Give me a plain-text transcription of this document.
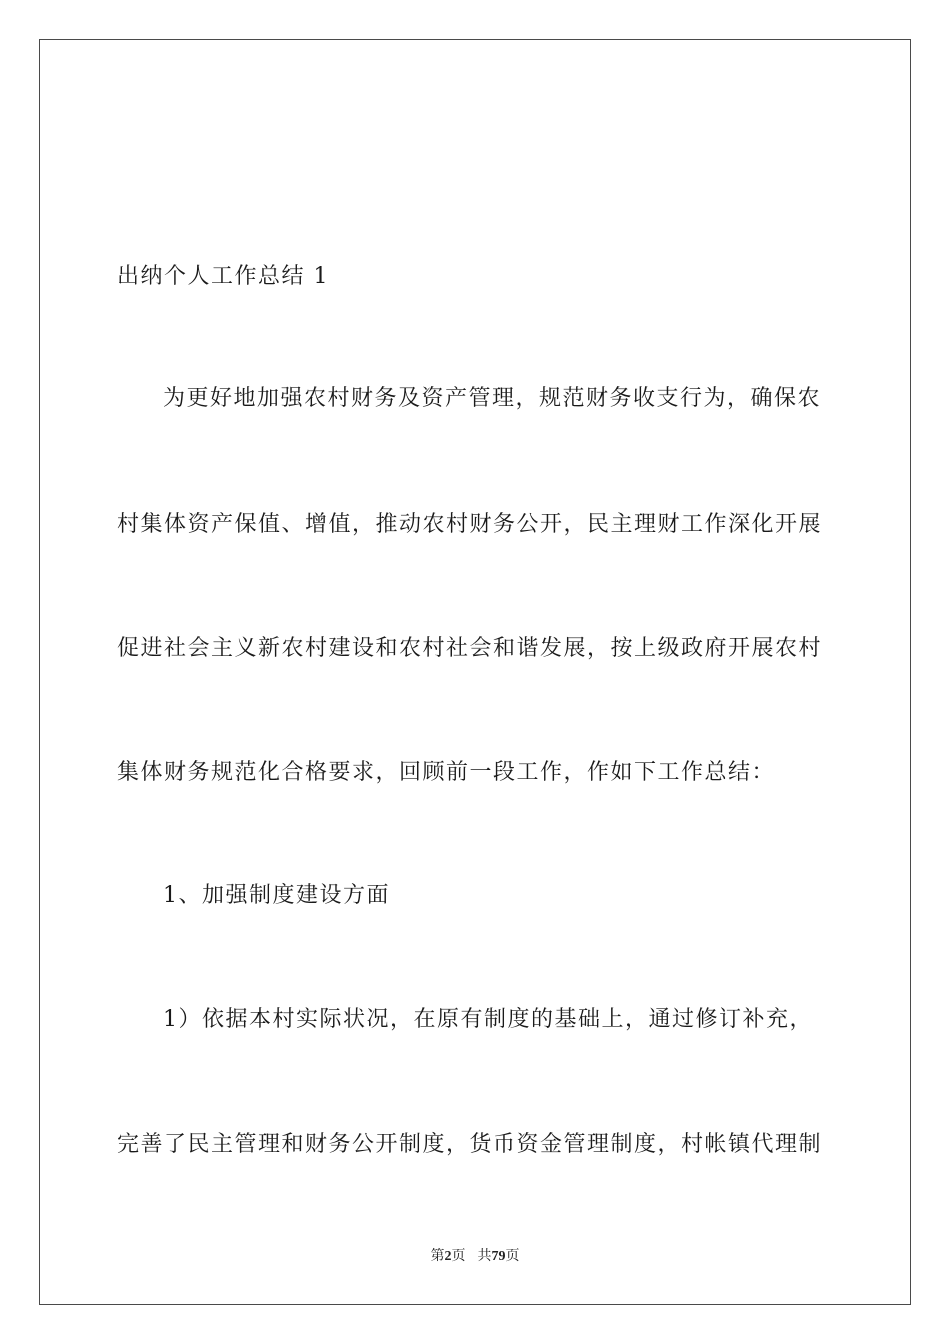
出纳个人工作总结 1
为更好地加强农村财务及资产管理，规范财务收支行为，确保农
村集体资产保值、增值，推动农村财务公开，民主理财工作深化开展
促进社会主义新农村建设和农村社会和谐发展，按上级政府开展农村
集体财务规范化合格要求，回顾前一段工作，作如下工作总结：
1、加强制度建设方面
1）依据本村实际状况，在原有制度的基础上，通过修订补充，
完善了民主管理和财务公开制度，货币资金管理制度，村帐镇代理制
第2页 共79页
